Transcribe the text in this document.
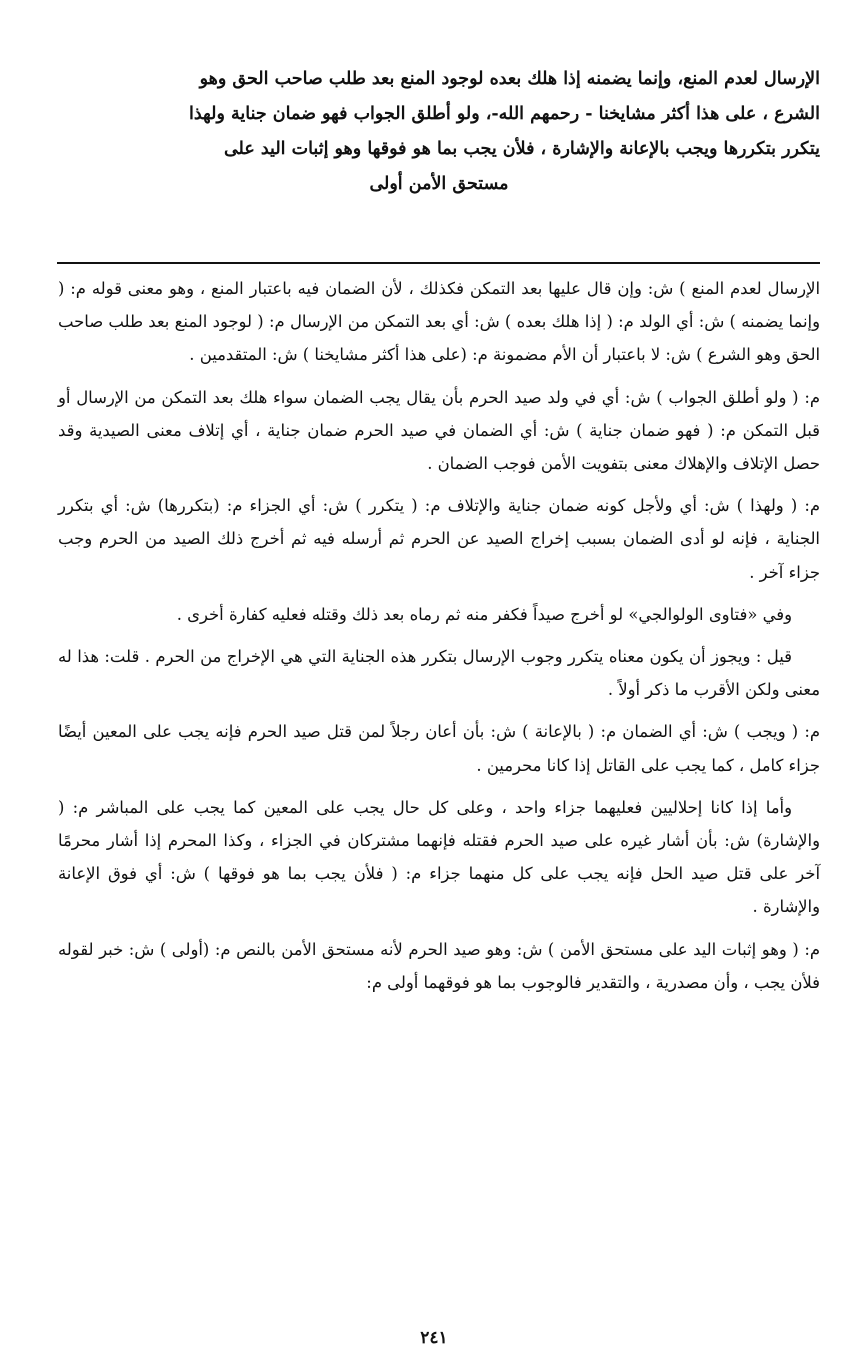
الإرسال لعدم المنع، وإنما يضمنه إذا هلك بعده لوجود المنع بعد طلب صاحب الحق وهو

الشرع ، على هذا أكثر مشايخنا - رحمهم الله-، ولو أطلق الجواب فهو ضمان جناية ولهذا

يتكرر بتكررها ويجب بالإعانة والإشارة ، فلأن يجب بما هو فوقها وهو إثبات اليد على

مستحق الأمن أولى

الإرسال لعدم المنع ) ش: وإن قال عليها بعد التمكن فكذلك ، لأن الضمان فيه باعتبار المنع ، وهو معنى قوله م: ( وإنما يضمنه ) ش: أي الولد م: ( إذا هلك بعده ) ش: أي بعد التمكن من الإرسال م: ( لوجود المنع بعد طلب صاحب الحق وهو الشرع ) ش: لا باعتبار أن الأم مضمونة م: (على هذا أكثر مشايخنا ) ش: المتقدمين .

م: ( ولو أطلق الجواب ) ش: أي في ولد صيد الحرم بأن يقال يجب الضمان سواء هلك بعد التمكن من الإرسال أو قبل التمكن م: ( فهو ضمان جناية ) ش: أي الضمان في صيد الحرم ضمان جناية ، أي إتلاف معنى الصيدية وقد حصل الإتلاف والإهلاك معنى بتفويت الأمن فوجب الضمان .

م: ( ولهذا ) ش: أي ولأجل كونه ضمان جناية والإتلاف م: ( يتكرر ) ش: أي الجزاء م: (بتكررها) ش: أي بتكرر الجناية ، فإنه لو أدى الضمان بسبب إخراج الصيد عن الحرم ثم أرسله فيه ثم أخرج ذلك الصيد من الحرم وجب جزاء آخر .

وفي «فتاوى الولوالجي» لو أخرج صيداً فكفر منه ثم رماه بعد ذلك وقتله فعليه كفارة أخرى .

قيل : ويجوز أن يكون معناه يتكرر وجوب الإرسال بتكرر هذه الجناية التي هي الإخراج من الحرم . قلت: هذا له معنى ولكن الأقرب ما ذكر أولاً .

م: ( ويجب ) ش: أي الضمان م: ( بالإعانة ) ش: بأن أعان رجلاً لمن قتل صيد الحرم فإنه يجب على المعين أيضًا جزاء كامل ، كما يجب على القاتل إذا كانا محرمين .

وأما إذا كانا إحلاليين فعليهما جزاء واحد ، وعلى كل حال يجب على المعين كما يجب على المباشر م: ( والإشارة) ش: بأن أشار غيره على صيد الحرم فقتله فإنهما مشتركان في الجزاء ، وكذا المحرم إذا أشار محرمًا آخر على قتل صيد الحل فإنه يجب على كل منهما جزاء م: ( فلأن يجب بما هو فوقها ) ش: أي فوق الإعانة والإشارة .

م: ( وهو إثبات اليد على مستحق الأمن ) ش: وهو صيد الحرم لأنه مستحق الأمن بالنص م: (أولى ) ش: خبر لقوله فلأن يجب ، وأن مصدرية ، والتقدير فالوجوب بما هو فوقهما أولى م:

٢٤١
